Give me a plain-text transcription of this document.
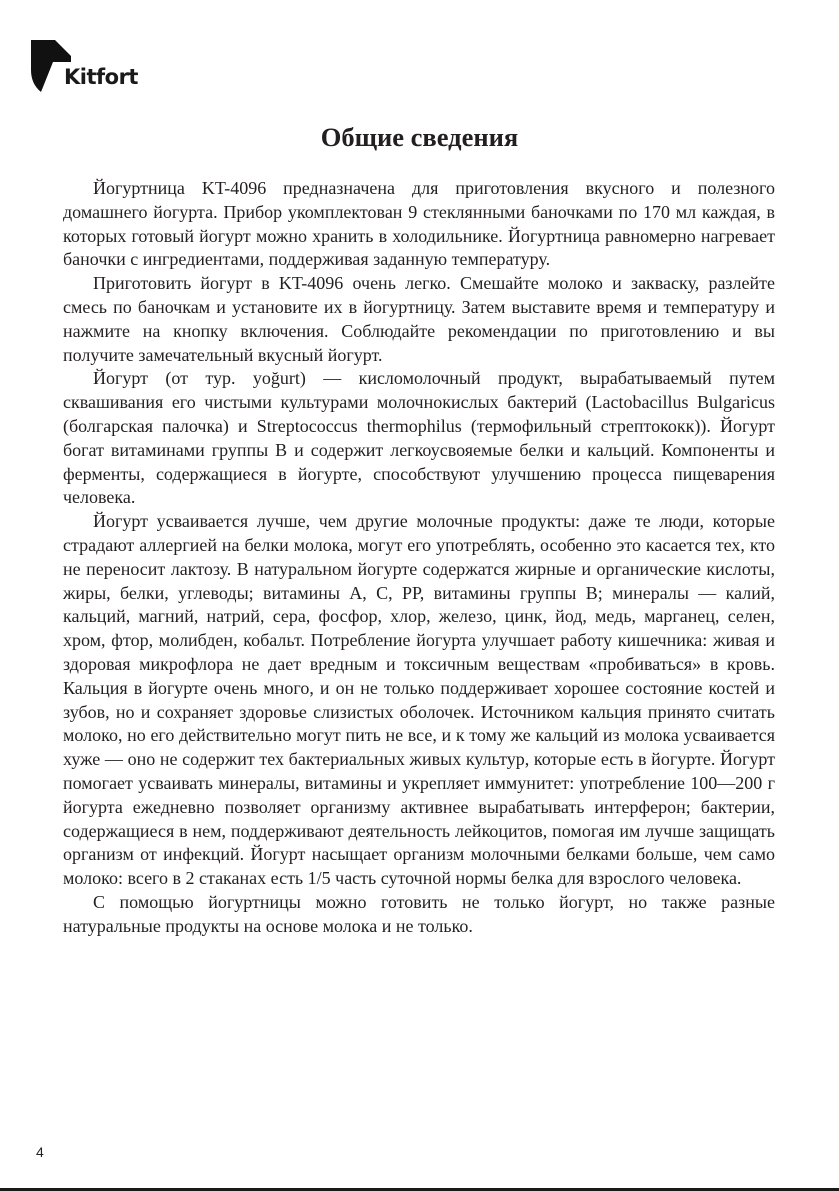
Kitfort
Общие сведения

Йогуртница KT-4096 предназначена для приготовления вкусного и полезного домашнего йогурта. Прибор укомплектован 9 стеклянными баночками по 170 мл каждая, в которых готовый йогурт можно хранить в холодильнике. Йогуртница равномерно нагревает баночки с ингредиентами, поддерживая заданную температуру.

Приготовить йогурт в KT-4096 очень легко. Смешайте молоко и закваску, разлейте смесь по баночкам и установите их в йогуртницу. Затем выставите время и температуру и нажмите на кнопку включения. Соблюдайте рекомендации по приготовлению и вы получите замечательный вкусный йогурт.

Йогурт (от тур. yoğurt) — кисломолочный продукт, вырабатываемый путем сквашивания его чистыми культурами молочнокислых бактерий (Lactobacillus Bulgaricus (болгарская палочка) и Streptococcus thermophilus (термофильный стрептококк)). Йогурт богат витаминами группы В и содержит легкоусвояемые белки и кальций. Компоненты и ферменты, содержащиеся в йогурте, способствуют улучшению процесса пищеварения человека.

Йогурт усваивается лучше, чем другие молочные продукты: даже те люди, которые страдают аллергией на белки молока, могут его употреблять, особенно это касается тех, кто не переносит лактозу. В натуральном йогурте содержатся жирные и органические кислоты, жиры, белки, углеводы; витамины А, С, РР, витамины группы В; минералы — калий, кальций, магний, натрий, сера, фосфор, хлор, железо, цинк, йод, медь, марганец, селен, хром, фтор, молибден, кобальт. Потребление йогурта улучшает работу кишечника: живая и здоровая микрофлора не дает вредным и токсичным веществам «пробиваться» в кровь. Кальция в йогурте очень много, и он не только поддерживает хорошее состояние костей и зубов, но и сохраняет здоровье слизистых оболочек. Источником кальция принято считать молоко, но его действительно могут пить не все, и к тому же кальций из молока усваивается хуже — оно не содержит тех бактериальных живых культур, которые есть в йогурте. Йогурт помогает усваивать минералы, витамины и укрепляет иммунитет: употребление 100—200 г йогурта ежедневно позволяет организму активнее вырабатывать интерферон; бактерии, содержащиеся в нем, поддерживают деятельность лейкоцитов, помогая им лучше защищать организм от инфекций. Йогурт насыщает организм молочными белками больше, чем само молоко: всего в 2 стаканах есть 1/5 часть суточной нормы белка для взрослого человека.

С помощью йогуртницы можно готовить не только йогурт, но также разные натуральные продукты на основе молока и не только.

4
